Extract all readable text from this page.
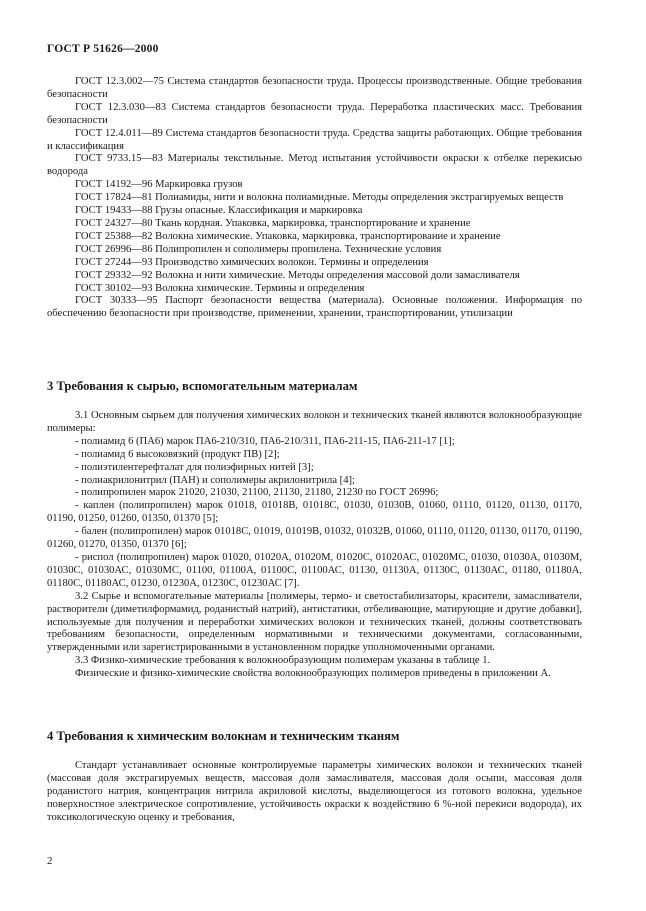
ГОСТ Р 51626—2000

ГОСТ 12.3.002—75 Система стандартов безопасности труда. Процессы производственные. Общие требования безопасности

ГОСТ 12.3.030—83 Система стандартов безопасности труда. Переработка пластических масс. Требования безопасности

ГОСТ 12.4.011—89 Система стандартов безопасности труда. Средства защиты работающих. Общие требования и классификация

ГОСТ 9733.15—83 Материалы текстильные. Метод испытания устойчивости окраски к отбелке перекисью водорода

ГОСТ 14192—96 Маркировка грузов

ГОСТ 17824—81 Полиамиды, нити и волокна полиамидные. Методы определения экстрагируемых веществ

ГОСТ 19433—88 Грузы опасные. Классификация и маркировка

ГОСТ 24327—80 Ткань кордная. Упаковка, маркировка, транспортирование и хранение

ГОСТ 25388—82 Волокна химические. Упаковка, маркировка, транспортирование и хранение

ГОСТ 26996—86 Полипропилен и сополимеры пропилена. Технические условия

ГОСТ 27244—93 Производство химических волокон. Термины и определения

ГОСТ 29332—92 Волокна и нити химические. Методы определения массовой доли замасливателя

ГОСТ 30102—93 Волокна химические. Термины и определения

ГОСТ 30333—95 Паспорт безопасности вещества (материала). Основные положения. Информация по обеспечению безопасности при производстве, применении, хранении, транспортировании, утилизации

3 Требования к сырью, вспомогательным материалам

3.1 Основным сырьем для получения химических волокон и технических тканей являются волокнообразующие полимеры:

- полиамид 6 (ПА6) марок ПА6-210/310, ПА6-210/311, ПА6-211-15, ПА6-211-17 [1];

- полиамид 6 высоковязкий (продукт ПВ) [2];

- полиэтилентерефталат для полиэфирных нитей [3];

- полиакрилонитрил (ПАН) и сополимеры акрилонитрила [4];

- полипропилен марок 21020, 21030, 21100, 21130, 21180, 21230 по ГОСТ 26996;

- каплен (полипропилен) марок 01018, 01018В, 01018С, 01030, 01030В, 01060, 01110, 01120, 01130, 01170, 01190, 01250, 01260, 01350, 01370 [5];

- бален (полипропилен) марок 01018С, 01019, 01019В, 01032, 01032В, 01060, 01110, 01120, 01130, 01170, 01190, 01260, 01270, 01350, 01370 [6];

- риспол (полипропилен) марок 01020, 01020А, 01020М, 01020С, 01020АС, 01020МС, 01030, 01030А, 01030М, 01030С, 01030АС, 01030МС, 01100, 01100А, 01100С, 01100АС, 01130, 01130А, 01130С, 01130АС, 01180, 01180А, 01180С, 01180АС, 01230, 01230А, 01230С, 01230АС [7].

3.2 Сырье и вспомогательные материалы [полимеры, термо- и светостабилизаторы, красители, замасливатели, растворители (диметилформамид, роданистый натрий), антистатики, отбеливающие, матирующие и другие добавки], используемые для получения и переработки химических волокон и технических тканей, должны соответствовать требованиям безопасности, определенным нормативными и техническими документами, согласованными, утвержденными или зарегистрированными в установленном порядке уполномоченными органами.

3.3 Физико-химические требования к волокнообразующим полимерам указаны в таблице 1.

Физические и физико-химические свойства волокнообразующих полимеров приведены в приложении А.

4 Требования к химическим волокнам и техническим тканям

Стандарт устанавливает основные контролируемые параметры химических волокон и технических тканей (массовая доля экстрагируемых веществ, массовая доля замасливателя, массовая доля осыпи, массовая доля роданистого натрия, концентрация нитрила акриловой кислоты, выделяющегося из готового волокна, удельное поверхностное электрическое сопротивление, устойчивость окраски к воздействию 6 %-ной перекиси водорода), их токсикологическую оценку и требования,

2
